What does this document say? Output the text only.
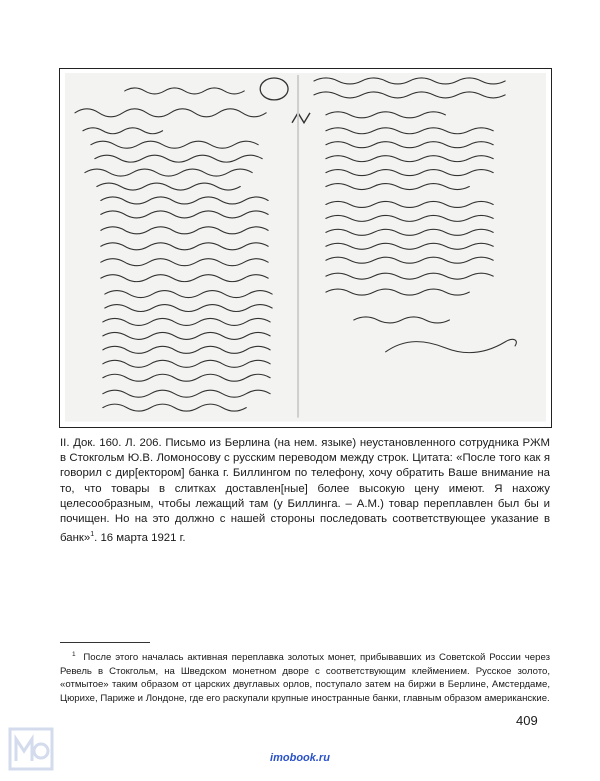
II. Док. 160. Л. 206. Письмо из Берлина (на нем. языке) неустановленного сотрудника РЖМ в Стокгольм Ю.В. Ломоносову с русским переводом между строк. Цитата: «После того как я говорил с дир[ектором] банка г. Биллингом по телефону, хочу обратить Ваше внимание на то, что товары в слитках доставлен[ные] более высокую цену имеют. Я нахожу целесообразным, чтобы лежащий там (у Биллинга. – А.М.) товар переплавлен был бы и почищен. Но на это должно с нашей стороны последовать соответствующее указание в банк»$^1$. 16 марта 1921 г.

$^1$ После этого началась активная переплавка золотых монет, прибывавших из Советской России через Ревель в Стокгольм, на Шведском монетном дворе с соответствующим клеймением. Русское золото, «отмытое» таким образом от царских двуглавых орлов, поступало затем на биржи в Берлине, Амстердаме, Цюрихе, Париже и Лондоне, где его раскупали крупные иностранные банки, главным образом американские.

409
imobook.ru
